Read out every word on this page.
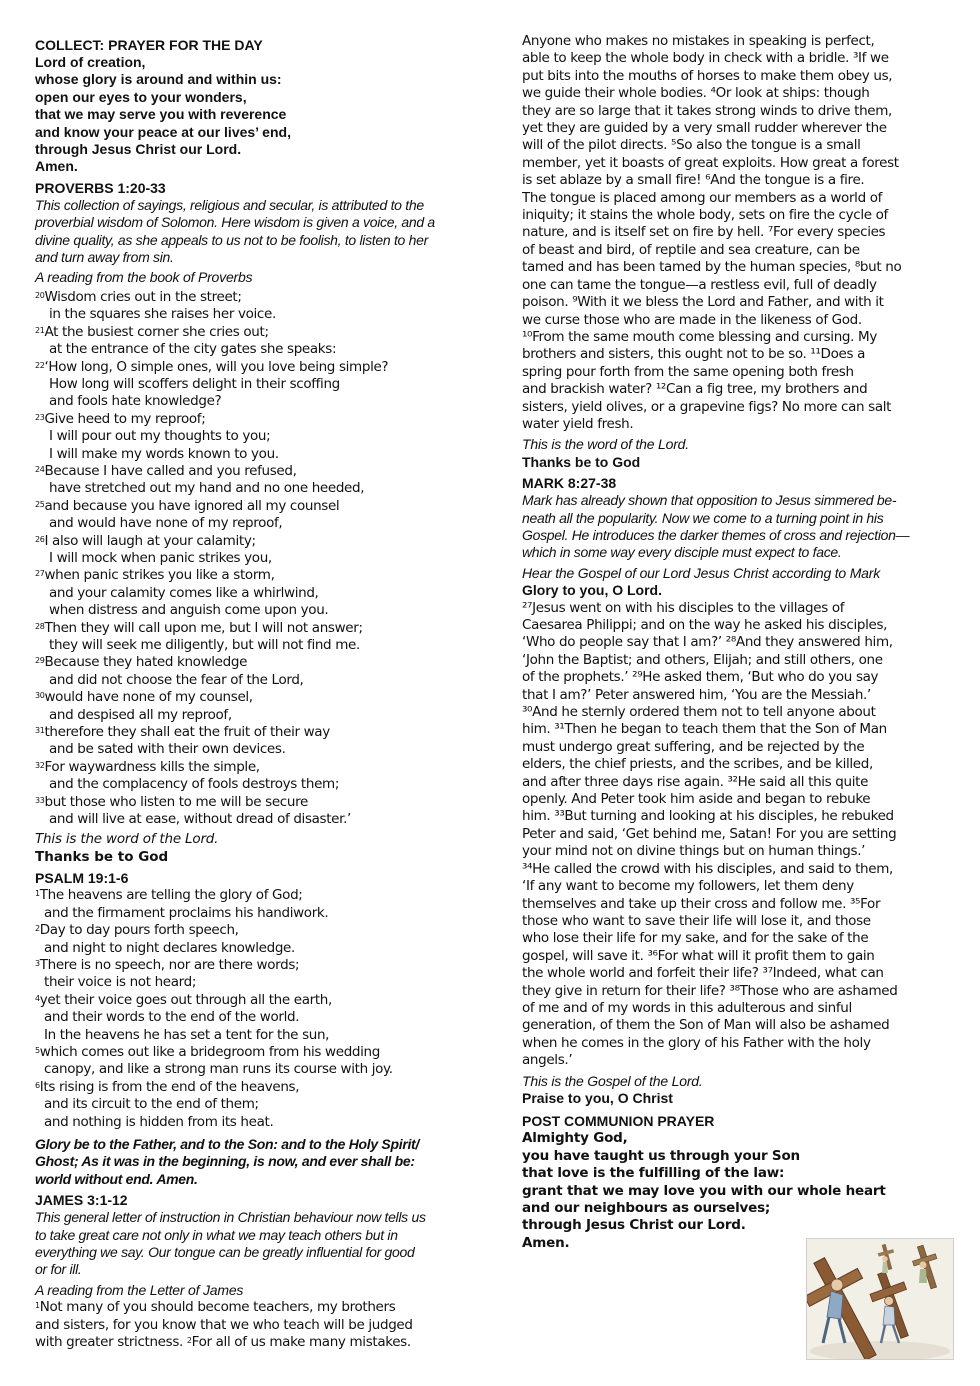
COLLECT: PRAYER FOR THE DAY
Lord of creation,
whose glory is around and within us:
open our eyes to your wonders,
that we may serve you with reverence
and know your peace at our lives’ end,
through Jesus Christ our Lord.
Amen.
PROVERBS 1:20-33
This collection of sayings, religious and secular, is attributed to the
proverbial wisdom of Solomon. Here wisdom is given a voice, and a
divine quality, as she appeals to us not to be foolish, to listen to her
and turn away from sin.
A reading from the book of Proverbs
$^{20}$Wisdom cries out in the street;
in the squares she raises her voice.
$^{21}$At the busiest corner she cries out;
at the entrance of the city gates she speaks:
$^{22}$‘How long, O simple ones, will you love being simple?
How long will scoffers delight in their scoffing
and fools hate knowledge?
$^{23}$Give heed to my reproof;
I will pour out my thoughts to you;
I will make my words known to you.
$^{24}$Because I have called and you refused,
have stretched out my hand and no one heeded,
$^{25}$and because you have ignored all my counsel
and would have none of my reproof,
$^{26}$I also will laugh at your calamity;
I will mock when panic strikes you,
$^{27}$when panic strikes you like a storm,
and your calamity comes like a whirlwind,
when distress and anguish come upon you.
$^{28}$Then they will call upon me, but I will not answer;
they will seek me diligently, but will not find me.
$^{29}$Because they hated knowledge
and did not choose the fear of the Lord,
$^{30}$would have none of my counsel,
and despised all my reproof,
$^{31}$therefore they shall eat the fruit of their way
and be sated with their own devices.
$^{32}$For waywardness kills the simple,
and the complacency of fools destroys them;
$^{33}$but those who listen to me will be secure
and will live at ease, without dread of disaster.’
This is the word of the Lord.
Thanks be to God
PSALM 19:1-6
$^1$The heavens are telling the glory of God;
and the firmament proclaims his handiwork.
$^2$Day to day pours forth speech,
and night to night declares knowledge.
$^3$There is no speech, nor are there words;
their voice is not heard;
$^4$yet their voice goes out through all the earth,
and their words to the end of the world.
In the heavens he has set a tent for the sun,
$^5$which comes out like a bridegroom from his wedding
canopy, and like a strong man runs its course with joy.
$^6$Its rising is from the end of the heavens,
and its circuit to the end of them;
and nothing is hidden from its heat.
Glory be to the Father, and to the Son: and to the Holy Spirit/
Ghost; As it was in the beginning, is now, and ever shall be:
world without end. Amen.
JAMES 3:1-12
This general letter of instruction in Christian behaviour now tells us
to take great care not only in what we may teach others but in
everything we say. Our tongue can be greatly influential for good
or for ill.
A reading from the Letter of James
$^1$Not many of you should become teachers, my brothers
and sisters, for you know that we who teach will be judged
with greater strictness. $^2$For all of us make many mistakes.
Anyone who makes no mistakes in speaking is perfect,
able to keep the whole body in check with a bridle. ³If we
put bits into the mouths of horses to make them obey us,
we guide their whole bodies. ⁴Or look at ships: though
they are so large that it takes strong winds to drive them,
yet they are guided by a very small rudder wherever the
will of the pilot directs. ⁵So also the tongue is a small
member, yet it boasts of great exploits. How great a forest
is set ablaze by a small fire! ⁶And the tongue is a fire.
The tongue is placed among our members as a world of
iniquity; it stains the whole body, sets on fire the cycle of
nature, and is itself set on fire by hell. ⁷For every species
of beast and bird, of reptile and sea creature, can be
tamed and has been tamed by the human species, ⁸but no
one can tame the tongue—a restless evil, full of deadly
poison. ⁹With it we bless the Lord and Father, and with it
we curse those who are made in the likeness of God.
¹⁰From the same mouth come blessing and cursing. My
brothers and sisters, this ought not to be so. ¹¹Does a
spring pour forth from the same opening both fresh
and brackish water? ¹²Can a fig tree, my brothers and
sisters, yield olives, or a grapevine figs? No more can salt
water yield fresh.
This is the word of the Lord.
Thanks be to God
MARK 8:27-38
Mark has already shown that opposition to Jesus simmered be-
neath all the popularity. Now we come to a turning point in his
Gospel. He introduces the darker themes of cross and rejection—
which in some way every disciple must expect to face.
Hear the Gospel of our Lord Jesus Christ according to Mark
Glory to you, O Lord.
²⁷Jesus went on with his disciples to the villages of
Caesarea Philippi; and on the way he asked his disciples,
‘Who do people say that I am?’ ²⁸And they answered him,
‘John the Baptist; and others, Elijah; and still others, one
of the prophets.’ ²⁹He asked them, ‘But who do you say
that I am?’ Peter answered him, ‘You are the Messiah.’
³⁰And he sternly ordered them not to tell anyone about
him. ³¹Then he began to teach them that the Son of Man
must undergo great suffering, and be rejected by the
elders, the chief priests, and the scribes, and be killed,
and after three days rise again. ³²He said all this quite
openly. And Peter took him aside and began to rebuke
him. ³³But turning and looking at his disciples, he rebuked
Peter and said, ‘Get behind me, Satan! For you are setting
your mind not on divine things but on human things.’
³⁴He called the crowd with his disciples, and said to them,
‘If any want to become my followers, let them deny
themselves and take up their cross and follow me. ³⁵For
those who want to save their life will lose it, and those
who lose their life for my sake, and for the sake of the
gospel, will save it. ³⁶For what will it profit them to gain
the whole world and forfeit their life? ³⁷Indeed, what can
they give in return for their life? ³⁸Those who are ashamed
of me and of my words in this adulterous and sinful
generation, of them the Son of Man will also be ashamed
when he comes in the glory of his Father with the holy
angels.’
This is the Gospel of the Lord.
Praise to you, O Christ
POST COMMUNION PRAYER
Almighty God,
you have taught us through your Son
that love is the fulfilling of the law:
grant that we may love you with our whole heart
and our neighbours as ourselves;
through Jesus Christ our Lord.
Amen.
